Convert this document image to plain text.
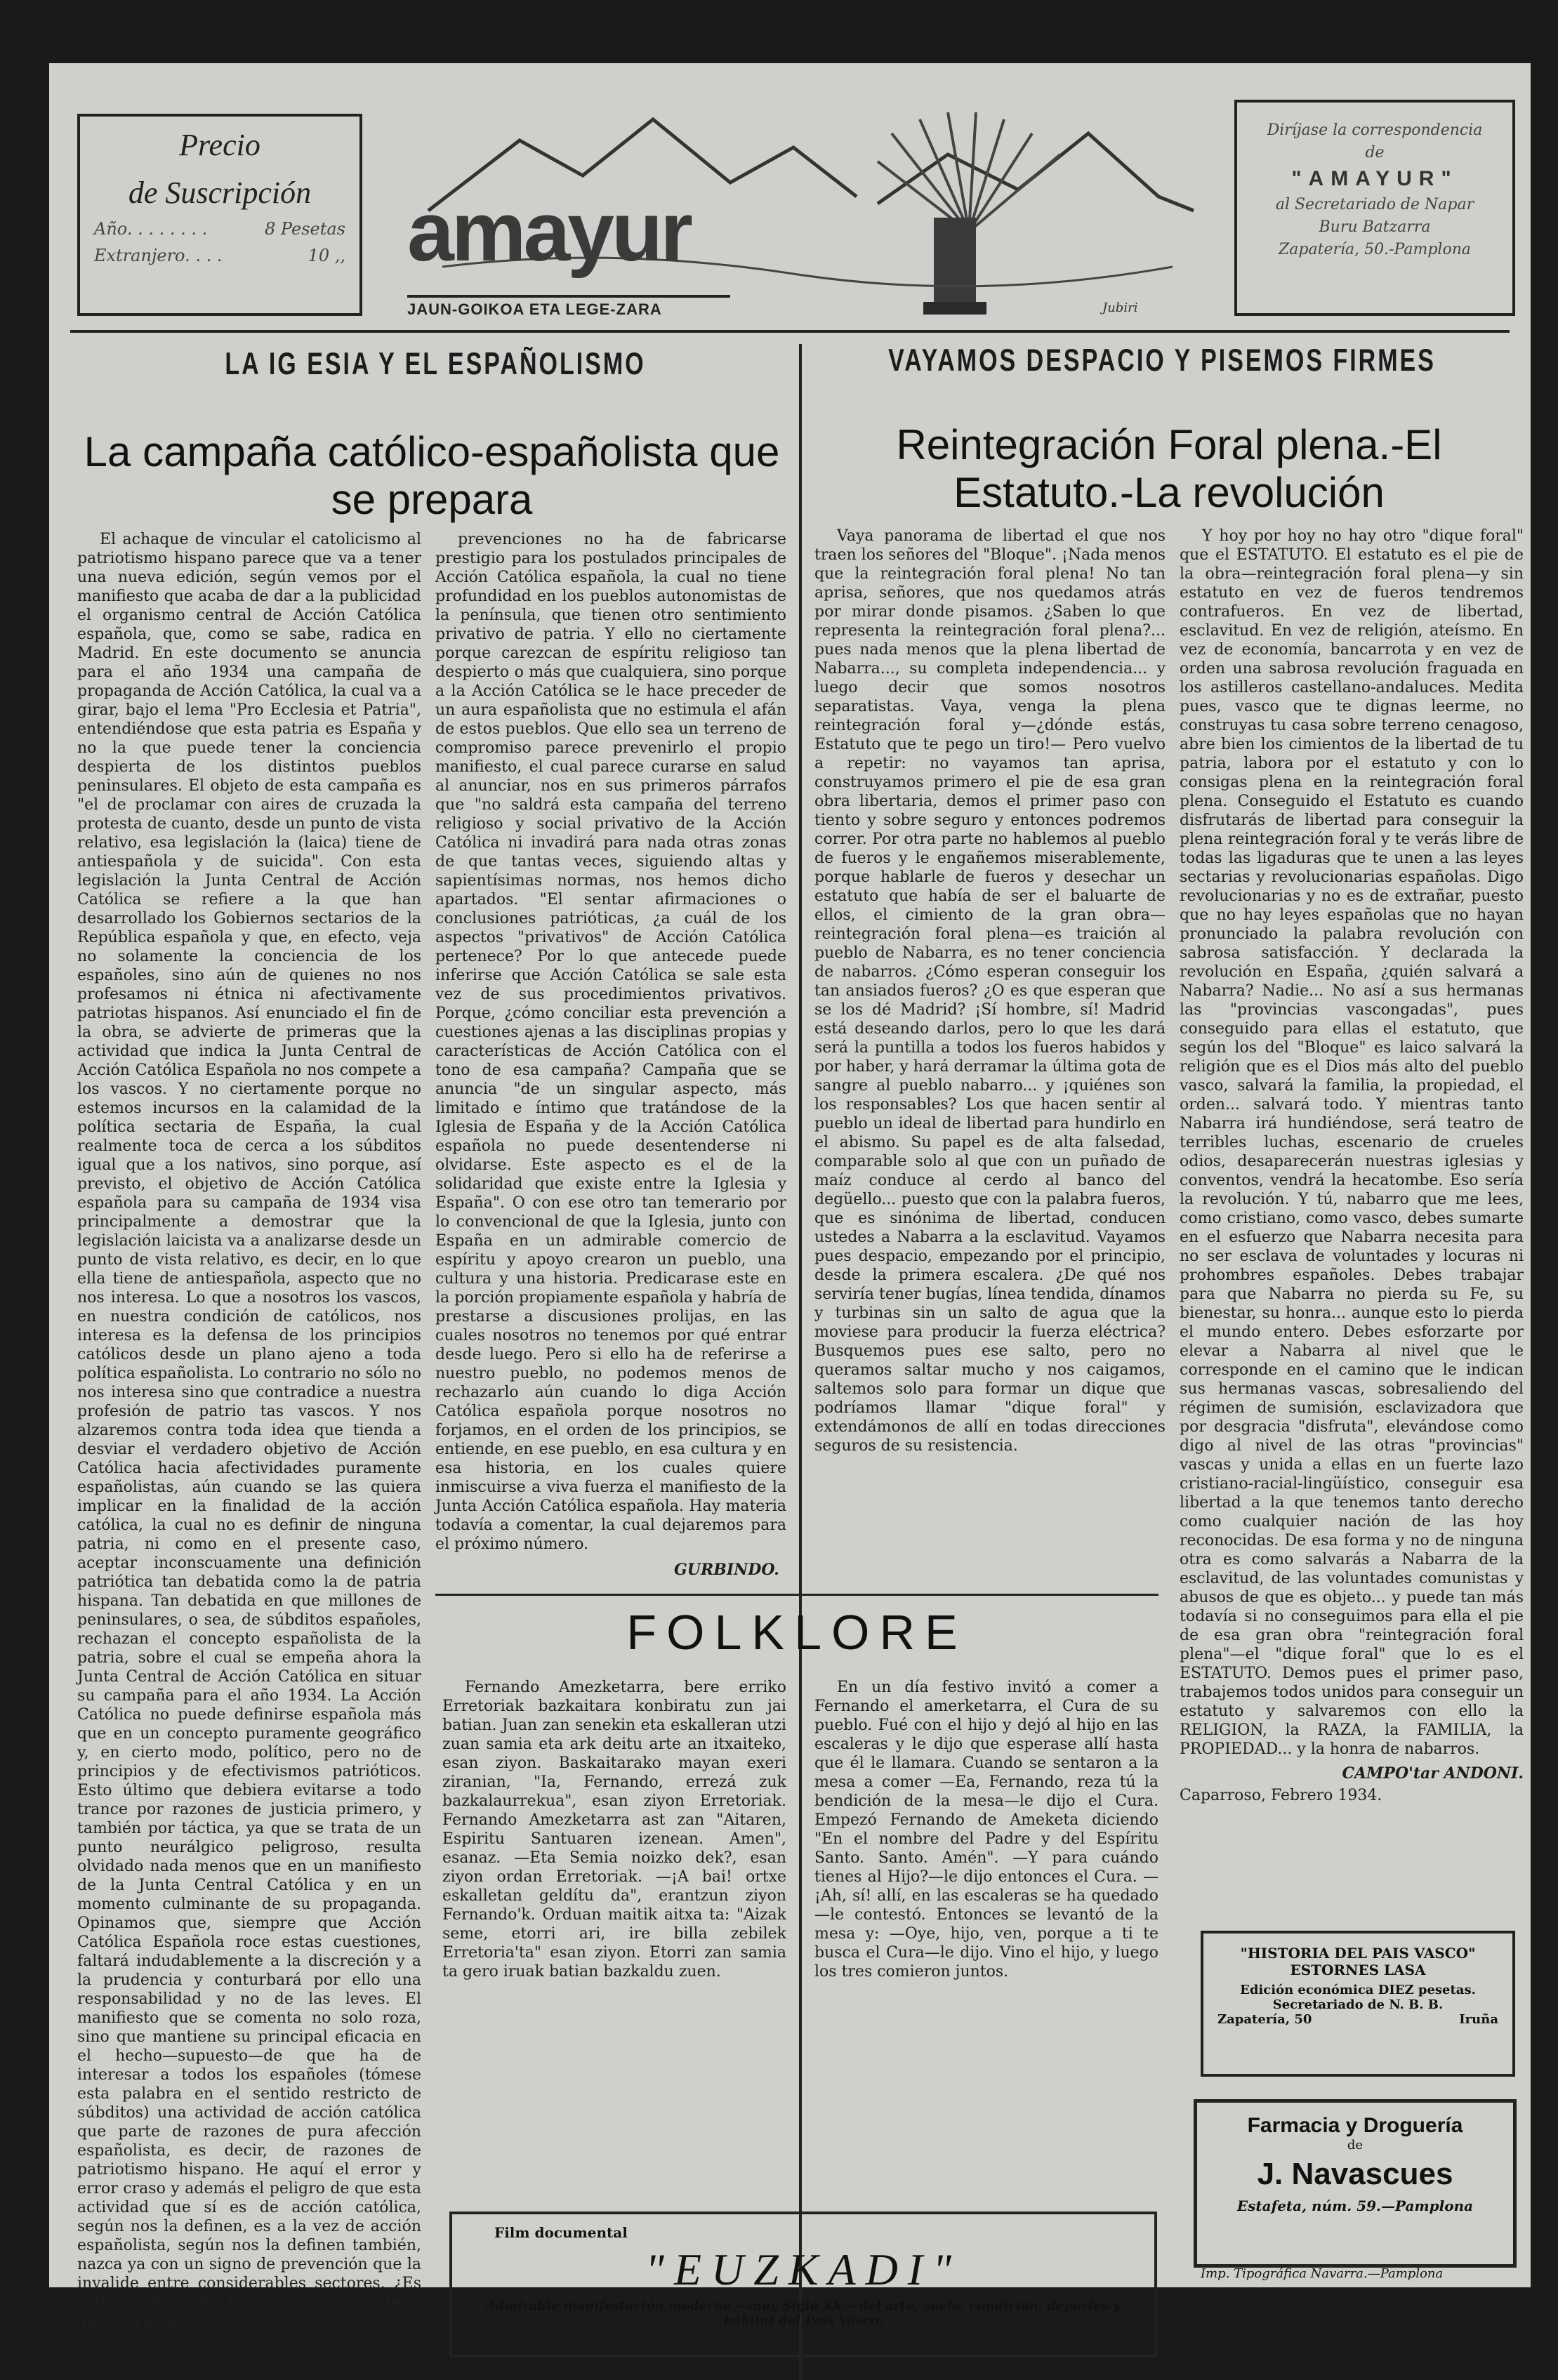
Precio
de Suscripción
Año. . . . . . . .	8 Pesetas
Extranjero. . . .	10 ,, amayur
JAUN-GOIKOA ETA LEGE-ZARA	Jubiri
Diríjase la correspondencia
de
"AMAYUR"
al Secretariado de Napar
Buru Batzarra
Zapatería, 50.-Pamplona
LA IG ESIA Y EL ESPAÑOLISMO
La campaña católico-españolista que se prepara

El achaque de vincular el catolicismo al patriotismo hispano parece que va a tener una nueva edición, según vemos por el manifiesto que acaba de dar a la publicidad el organismo central de Acción Católica española, que, como se sabe, radica en Madrid. En este documento se anuncia para el año 1934 una campaña de propaganda de Acción Católica, la cual va a girar, bajo el lema "Pro Ecclesia et Patria", entendiéndose que esta patria es España y no la que puede tener la conciencia despierta de los distintos pueblos peninsulares. El objeto de esta campaña es "el de proclamar con aires de cruzada la protesta de cuanto, desde un punto de vista relativo, esa legislación la (laica) tiene de antiespañola y de suicida". Con esta legislación la Junta Central de Acción Católica se refiere a la que han desarrollado los Gobiernos sectarios de la República española y que, en efecto, veja no solamente la conciencia de los españoles, sino aún de quienes no nos profesamos ni étnica ni afectivamente patriotas hispanos. Así enunciado el fin de la obra, se advierte de primeras que la actividad que indica la Junta Central de Acción Católica Española no nos compete a los vascos. Y no ciertamente porque no estemos incursos en la calamidad de la política sectaria de España, la cual realmente toca de cerca a los súbditos igual que a los nativos, sino porque, así previsto, el objetivo de Acción Católica española para su campaña de 1934 visa principalmente a demostrar que la legislación laicista va a analizarse desde un punto de vista relativo, es decir, en lo que ella tiene de antiespañola, aspecto que no nos interesa. Lo que a nosotros los vascos, en nuestra condición de católicos, nos interesa es la defensa de los principios católicos desde un plano ajeno a toda política españolista. Lo contrario no sólo no nos interesa sino que contradice a nuestra profesión de patrio tas vascos. Y nos alzaremos contra toda idea que tienda a desviar el verdadero objetivo de Acción Católica hacia afectividades puramente españolistas, aún cuando se las quiera implicar en la finalidad de la acción católica, la cual no es definir de ninguna patria, ni como en el presente caso, aceptar inconscuamente una definición patriótica tan debatida como la de patria hispana. Tan debatida en que millones de peninsulares, o sea, de súbditos españoles, rechazan el concepto españolista de la patria, sobre el cual se empeña ahora la Junta Central de Acción Católica en situar su campaña para el año 1934. La Acción Católica no puede definirse española más que en un concepto puramente geográfico y, en cierto modo, político, pero no de principios y de efectivismos patrióticos. Esto último que debiera evitarse a todo trance por razones de justicia primero, y también por táctica, ya que se trata de un punto neurálgico peligroso, resulta olvidado nada menos que en un manifiesto de la Junta Central Católica y en un momento culminante de su propaganda. Opinamos que, siempre que Acción Católica Española roce estas cuestiones, faltará indudablemente a la discreción y a la prudencia y conturbará por ello una responsabilidad y no de las leves. El manifiesto que se comenta no solo roza, sino que mantiene su principal eficacia en el hecho—supuesto—de que ha de interesar a todos los españoles (tómese esta palabra en el sentido restricto de súbditos) una actividad de acción católica que parte de razones de pura afección españolista, es decir, de razones de patriotismo hispano. He aquí el error y error craso y además el peligro de que esta actividad que sí es de acción católica, según nos la definen, es a la vez de acción españolista, según nos la definen también, nazca ya con un signo de prevención que la invalide entre considerables sectores. ¿Es esto prudente? No hay exageración al decir que con estas

prevenciones no ha de fabricarse prestigio para los postulados principales de Acción Católica española, la cual no tiene profundidad en los pueblos autonomistas de la península, que tienen otro sentimiento privativo de patria. Y ello no ciertamente porque carezcan de espíritu religioso tan despierto o más que cualquiera, sino porque a la Acción Católica se le hace preceder de un aura españolista que no estimula el afán de estos pueblos. Que ello sea un terreno de compromiso parece prevenirlo el propio manifiesto, el cual parece curarse en salud al anunciar, nos en sus primeros párrafos que "no saldrá esta campaña del terreno religioso y social privativo de la Acción Católica ni invadirá para nada otras zonas de que tantas veces, siguiendo altas y sapientísimas normas, nos hemos dicho apartados. "El sentar afirmaciones o conclusiones patrióticas, ¿a cuál de los aspectos "privativos" de Acción Católica pertenece? Por lo que antecede puede inferirse que Acción Católica se sale esta vez de sus procedimientos privativos. Porque, ¿cómo conciliar esta prevención a cuestiones ajenas a las disciplinas propias y características de Acción Católica con el tono de esa campaña? Campaña que se anuncia "de un singular aspecto, más limitado e íntimo que tratándose de la Iglesia de España y de la Acción Católica española no puede desentenderse ni olvidarse. Este aspecto es el de la solidaridad que existe entre la Iglesia y España". O con ese otro tan temerario por lo convencional de que la Iglesia, junto con España en un admirable comercio de espíritu y apoyo crearon un pueblo, una cultura y una historia. Predicarase este en la porción propiamente española y habría de prestarse a discusiones prolijas, en las cuales nosotros no tenemos por qué entrar desde luego. Pero si ello ha de referirse a nuestro pueblo, no podemos menos de rechazarlo aún cuando lo diga Acción Católica española porque nosotros no forjamos, en el orden de los principios, se entiende, en ese pueblo, en esa cultura y en esa historia, en los cuales quiere inmiscuirse a viva fuerza el manifiesto de la Junta Acción Católica española. Hay materia todavía a comentar, la cual dejaremos para el próximo número.

GURBINDO.
VAYAMOS DESPACIO Y PISEMOS FIRMES
Reintegración Foral plena.-El Estatuto.-La revolución

Vaya panorama de libertad el que nos traen los señores del "Bloque". ¡Nada menos que la reintegración foral plena! No tan aprisa, señores, que nos quedamos atrás por mirar donde pisamos. ¿Saben lo que representa la reintegración foral plena?... pues nada menos que la plena libertad de Nabarra..., su completa independencia... y luego decir que somos nosotros separatistas. Vaya, venga la plena reintegración foral y—¿dónde estás, Estatuto que te pego un tiro!— Pero vuelvo a repetir: no vayamos tan aprisa, construyamos primero el pie de esa gran obra libertaria, demos el primer paso con tiento y sobre seguro y entonces podremos correr. Por otra parte no hablemos al pueblo de fueros y le engañemos miserablemente, porque hablarle de fueros y desechar un estatuto que había de ser el baluarte de ellos, el cimiento de la gran obra—reintegración foral plena—es traición al pueblo de Nabarra, es no tener conciencia de nabarros. ¿Cómo esperan conseguir los tan ansiados fueros? ¿O es que esperan que se los dé Madrid? ¡Sí hombre, sí! Madrid está deseando darlos, pero lo que les dará será la puntilla a todos los fueros habidos y por haber, y hará derramar la última gota de sangre al pueblo nabarro... y ¡quiénes son los responsables? Los que hacen sentir al pueblo un ideal de libertad para hundirlo en el abismo. Su papel es de alta falsedad, comparable solo al que con un puñado de maíz conduce al cerdo al banco del degüello... puesto que con la palabra fueros, que es sinónima de libertad, conducen ustedes a Nabarra a la esclavitud. Vayamos pues despacio, empezando por el principio, desde la primera escalera. ¿De qué nos serviría tener bugías, línea tendida, dínamos y turbinas sin un salto de agua que la moviese para producir la fuerza eléctrica? Busquemos pues ese salto, pero no queramos saltar mucho y nos caigamos, saltemos solo para formar un dique que podríamos llamar "dique foral" y extendámonos de allí en todas direcciones seguros de su resistencia.

Y hoy por hoy no hay otro "dique foral" que el ESTATUTO. El estatuto es el pie de la obra—reintegración foral plena—y sin estatuto en vez de fueros tendremos contrafueros. En vez de libertad, esclavitud. En vez de religión, ateísmo. En vez de economía, bancarrota y en vez de orden una sabrosa revolución fraguada en los astilleros castellano-andaluces. Medita pues, vasco que te dignas leerme, no construyas tu casa sobre terreno cenagoso, abre bien los cimientos de la libertad de tu patria, labora por el estatuto y con lo consigas plena en la reintegración foral plena. Conseguido el Estatuto es cuando disfrutarás de libertad para conseguir la plena reintegración foral y te verás libre de todas las ligaduras que te unen a las leyes sectarias y revolucionarias españolas. Digo revolucionarias y no es de extrañar, puesto que no hay leyes españolas que no hayan pronunciado la palabra revolución con sabrosa satisfacción. Y declarada la revolución en España, ¿quién salvará a Nabarra? Nadie... No así a sus hermanas las "provincias vascongadas", pues conseguido para ellas el estatuto, que según los del "Bloque" es laico salvará la religión que es el Dios más alto del pueblo vasco, salvará la familia, la propiedad, el orden... salvará todo. Y mientras tanto Nabarra irá hundiéndose, será teatro de terribles luchas, escenario de crueles odios, desaparecerán nuestras iglesias y conventos, vendrá la hecatombe. Eso sería la revolución. Y tú, nabarro que me lees, como cristiano, como vasco, debes sumarte en el esfuerzo que Nabarra necesita para no ser esclava de voluntades y locuras ni prohombres españoles. Debes trabajar para que Nabarra no pierda su Fe, su bienestar, su honra... aunque esto lo pierda el mundo entero. Debes esforzarte por elevar a Nabarra al nivel que le corresponde en el camino que le indican sus hermanas vascas, sobresaliendo del régimen de sumisión, esclavizadora que por desgracia "disfruta", elevándose como digo al nivel de las otras "provincias" vascas y unida a ellas en un fuerte lazo cristiano-racial-lingüístico, conseguir esa libertad a la que tenemos tanto derecho como cualquier nación de las hoy reconocidas. De esa forma y no de ninguna otra es como salvarás a Nabarra de la esclavitud, de las voluntades comunistas y abusos de que es objeto... y puede tan más todavía si no conseguimos para ella el pie de esa gran obra "reintegración foral plena"—el "dique foral" que lo es el ESTATUTO. Demos pues el primer paso, trabajemos todos unidos para conseguir un estatuto y salvaremos con ello la RELIGION, la RAZA, la FAMILIA, la PROPIEDAD... y la honra de nabarros.

CAMPO'tar ANDONI.
Caparroso, Febrero 1934.
FOLKLORE

Fernando Amezketarra, bere erriko Erretoriak bazkaitara konbiratu zun jai batian. Juan zan senekin eta eskalleran utzi zuan samia eta ark deitu arte an itxaiteko, esan ziyon. Baskaitarako mayan exeri ziranian, "Ia, Fernando, errezá zuk bazkalaurrekua", esan ziyon Erretoriak. Fernando Amezketarra ast zan "Aitaren, Espiritu Santuaren izenean. Amen", esanaz. —Eta Semia noizko dek?, esan ziyon ordan Erretoriak. —¡A bai! ortxe eskalletan geldítu da", erantzun ziyon Fernando'k. Orduan maitik aitxa ta: "Aizak seme, etorri ari, ire billa zebilek Erretoria'ta" esan ziyon. Etorri zan samia ta gero iruak batian bazkaldu zuen.

En un día festivo invitó a comer a Fernando el amerketarra, el Cura de su pueblo. Fué con el hijo y dejó al hijo en las escaleras y le dijo que esperase allí hasta que él le llamara. Cuando se sentaron a la mesa a comer —Ea, Fernando, reza tú la bendición de la mesa—le dijo el Cura. Empezó Fernando de Ameketa diciendo "En el nombre del Padre y del Espíritu Santo. Santo. Amén". —Y para cuándo tienes al Hijo?—le dijo entonces el Cura. —¡Ah, sí! allí, en las escaleras se ha quedado—le contestó. Entonces se levantó de la mesa y: —Oye, hijo, ven, porque a ti te busca el Cura—le dijo. Vino el hijo, y luego los tres comieron juntos.

Film documental
"EUZKADI"
Admirable manifestación moderna —muy Siglo XX— del arte, suelo, condición, deportes y habitat del País Vasco.
"HISTORIA DEL PAIS VASCO"
ESTORNES LASA
Edición económica DIEZ pesetas.
Secretariado de N. B. B.
Zapatería, 50	Iruña
Farmacia y Droguería
de
J. Navascues
Estafeta, núm. 59.—Pamplona
Imp. Tipográfica Navarra.—Pamplona
